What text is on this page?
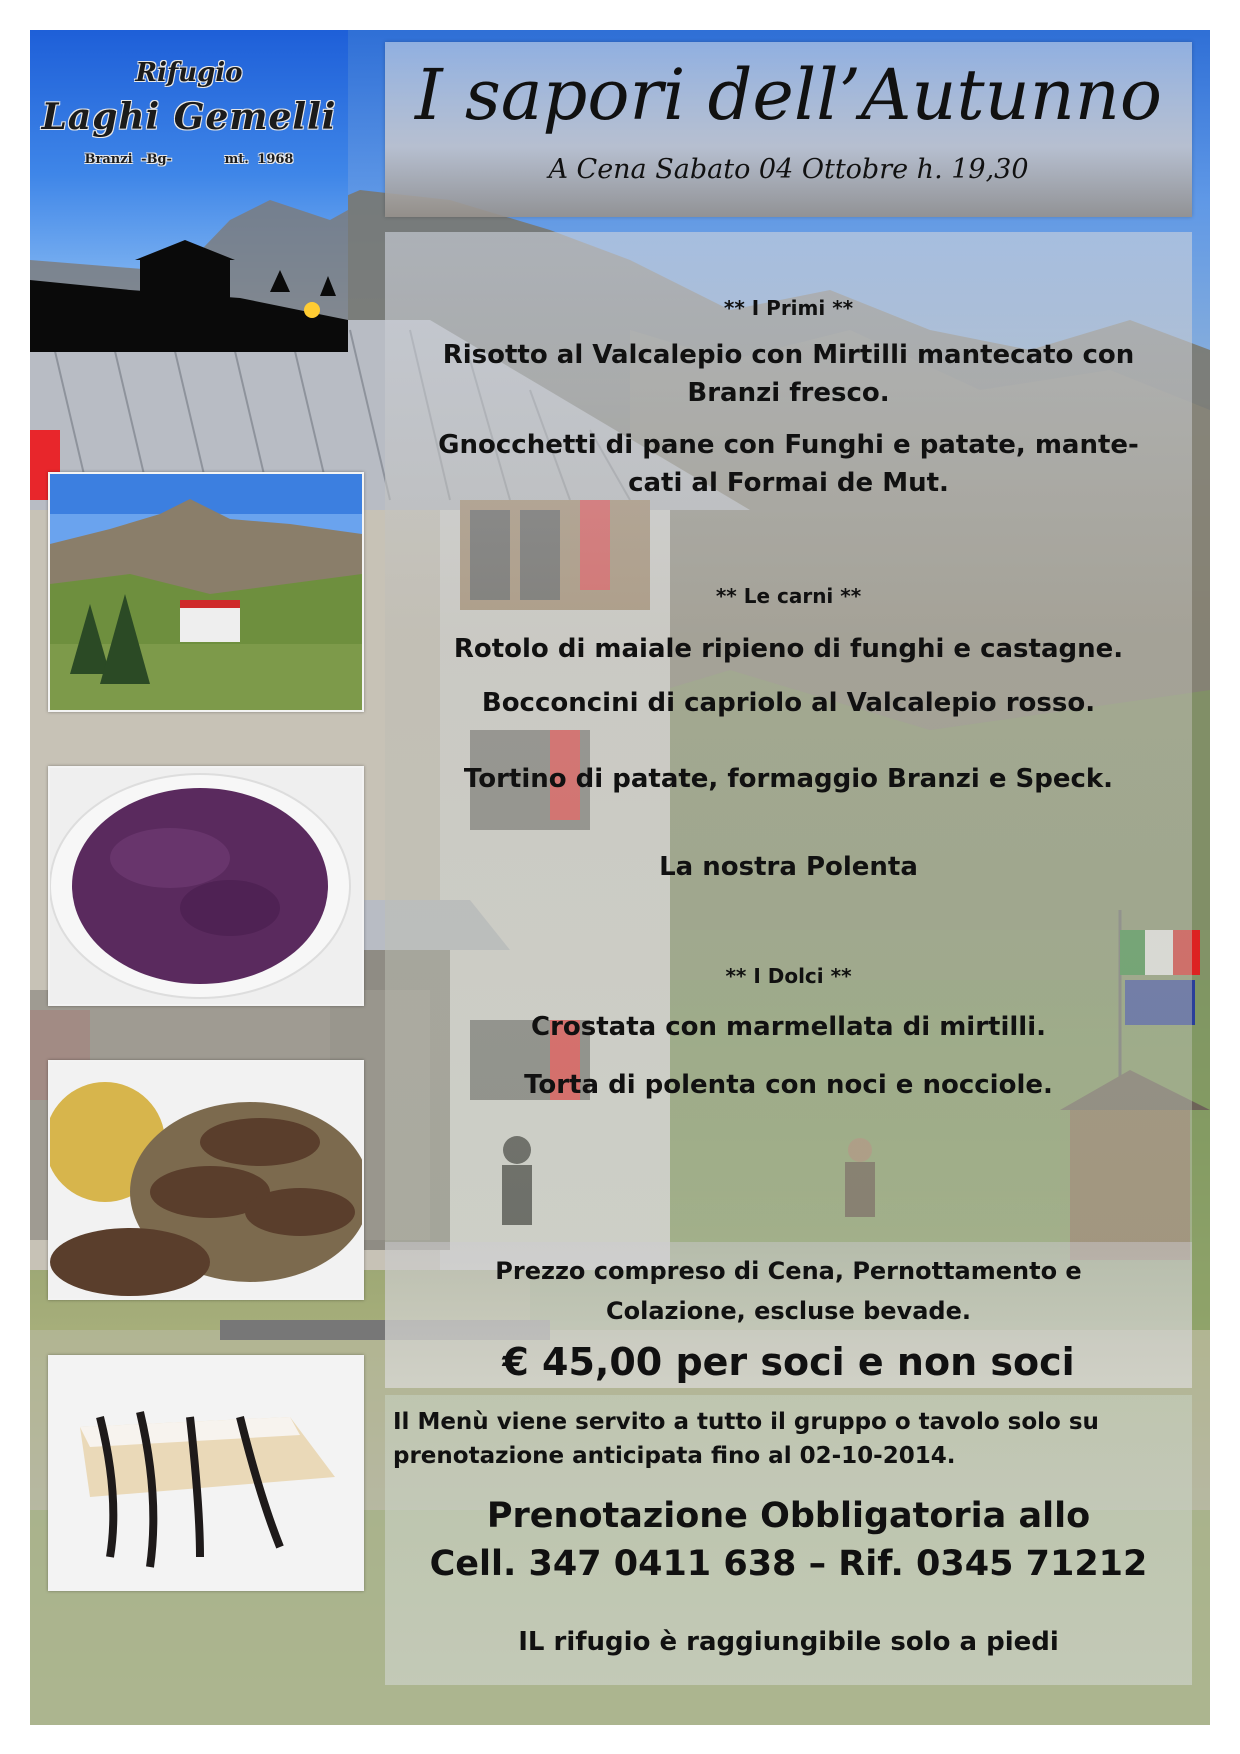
Rifugio
Laghi Gemelli
Branzi -Bg-	mt. 1968
I sapori dell’Autunno
A Cena Sabato 04 Ottobre h. 19,30
** I Primi **
Risotto al Valcalepio con Mirtilli mantecato con
Branzi fresco.
Gnocchetti di pane con Funghi e patate, mante-
cati al Formai de Mut.
** Le carni **
Rotolo di maiale ripieno di funghi e castagne.
Bocconcini di capriolo al Valcalepio rosso.
Tortino di patate, formaggio Branzi e Speck.
La nostra Polenta
** I Dolci **
Crostata con marmellata di mirtilli.
Torta di polenta con noci e nocciole.
Prezzo compreso di Cena, Pernottamento e
Colazione, escluse bevade.
€ 45,00 per soci e non soci
Il Menù viene servito a tutto il gruppo o tavolo solo su
prenotazione anticipata fino al 02-10-2014.
Prenotazione Obbligatoria allo
Cell. 347 0411 638 – Rif. 0345 71212
IL rifugio è raggiungibile solo a piedi
